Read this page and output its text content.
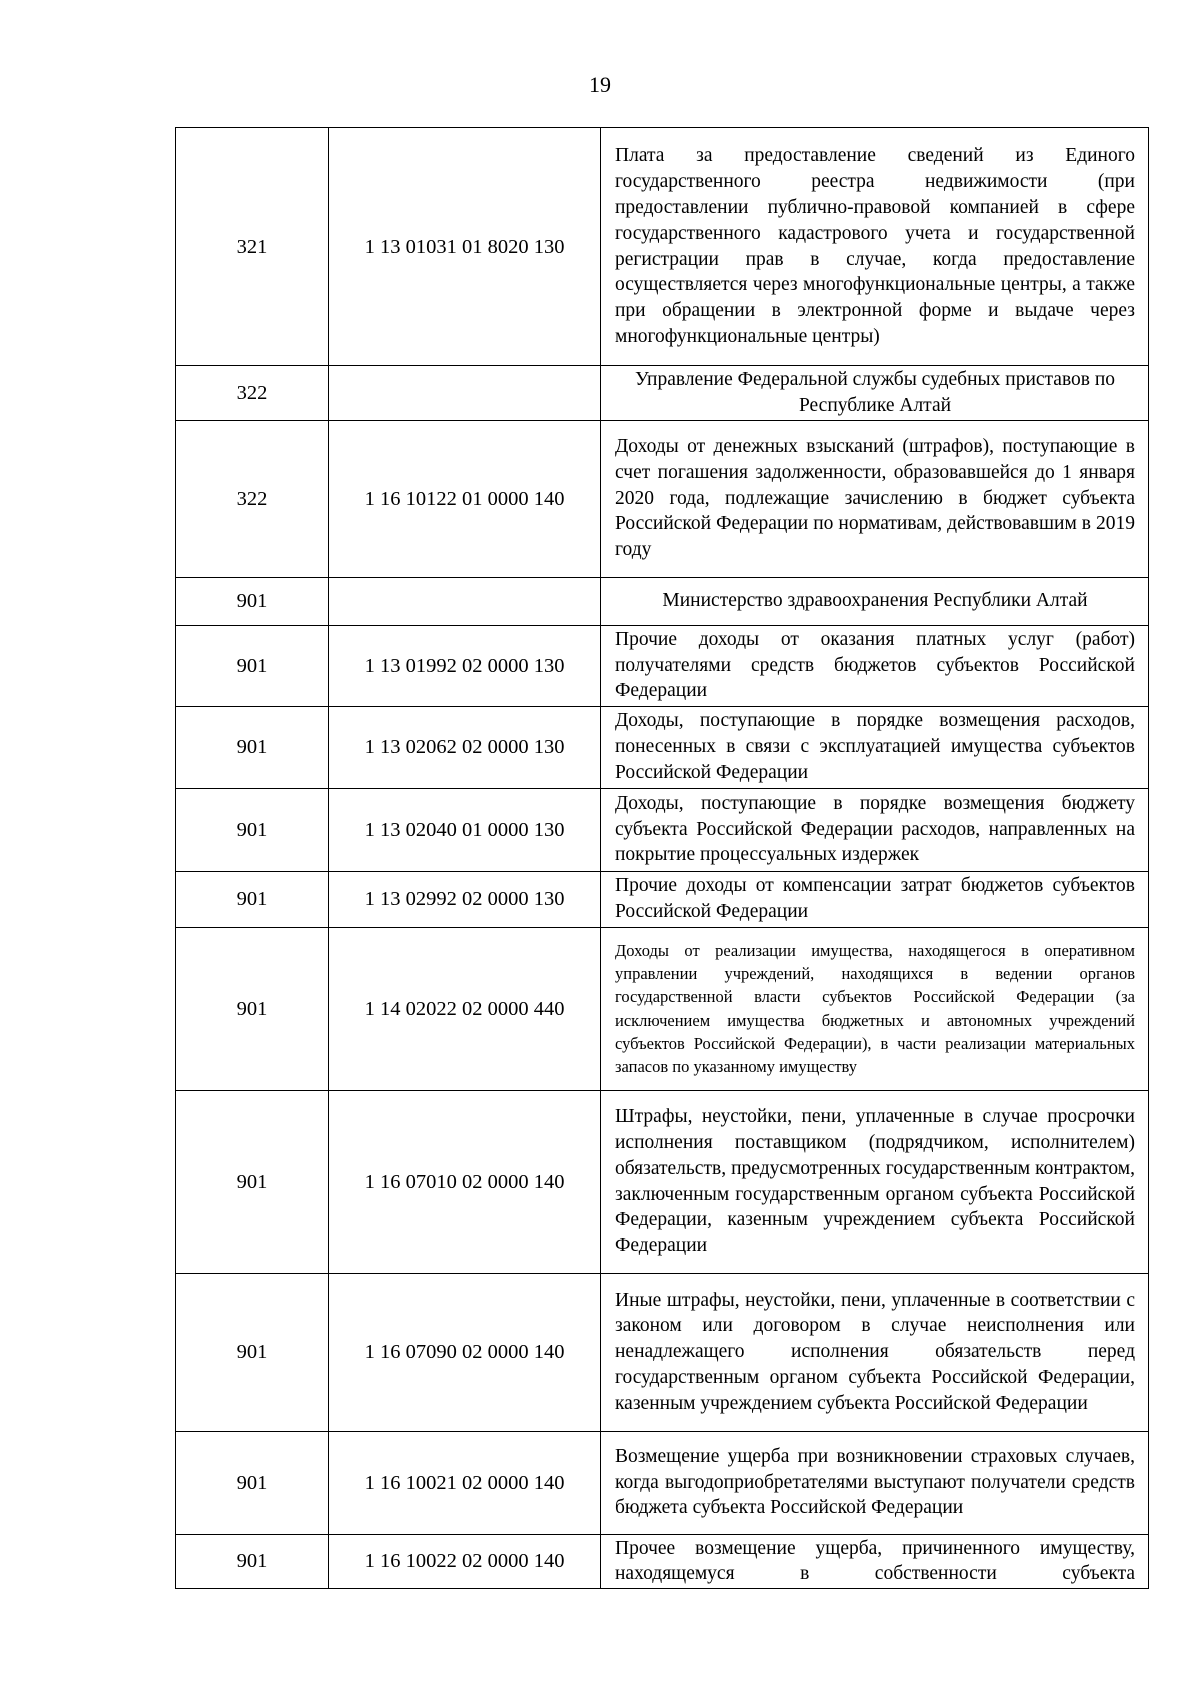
19
321	1 13 01031 01 8020 130	Плата за предоставление сведений из Единого государственного реестра недвижимости (при предоставлении публично-правовой компанией в сфере государственного кадастрового учета и государственной регистрации прав в случае, когда предоставление осуществляется через многофункциональные центры, а также при обращении в электронной форме и выдаче через многофункциональные центры)

322		Управление Федеральной службы судебных приставов по Республике Алтай

322	1 16 10122 01 0000 140	Доходы от денежных взысканий (штрафов), поступающие в счет погашения задолженности, образовавшейся до 1 января 2020 года, подлежащие зачислению в бюджет субъекта Российской Федерации по нормативам, действовавшим в 2019 году

901		Министерство здравоохранения Республики Алтай

901	1 13 01992 02 0000 130	Прочие доходы от оказания платных услуг (работ) получателями средств бюджетов субъектов Российской Федерации

901	1 13 02062 02 0000 130	Доходы, поступающие в порядке возмещения расходов, понесенных в связи с эксплуатацией имущества субъектов Российской Федерации

901	1 13 02040 01 0000 130	Доходы, поступающие в порядке возмещения бюджету субъекта Российской Федерации расходов, направленных на покрытие процессуальных издержек

901	1 13 02992 02 0000 130	Прочие доходы от компенсации затрат бюджетов субъектов Российской Федерации

901	1 14 02022 02 0000 440	Доходы от реализации имущества, находящегося в оперативном управлении учреждений, находящихся в ведении органов государственной власти субъектов Российской Федерации (за исключением имущества бюджетных и автономных учреждений субъектов Российской Федерации), в части реализации материальных запасов по указанному имуществу

901	1 16 07010 02 0000 140	Штрафы, неустойки, пени, уплаченные в случае просрочки исполнения поставщиком (подрядчиком, исполнителем) обязательств, предусмотренных государственным контрактом, заключенным государственным органом субъекта Российской Федерации, казенным учреждением субъекта Российской Федерации

901	1 16 07090 02 0000 140	Иные штрафы, неустойки, пени, уплаченные в соответствии с законом или договором в случае неисполнения или ненадлежащего исполнения обязательств перед государственным органом субъекта Российской Федерации, казенным учреждением субъекта Российской Федерации

901	1 16 10021 02 0000 140	Возмещение ущерба при возникновении страховых случаев, когда выгодоприобретателями выступают получатели средств бюджета субъекта Российской Федерации

901	1 16 10022 02 0000 140	Прочее возмещение ущерба, причиненного имуществу, находящемуся в собственности субъекта
